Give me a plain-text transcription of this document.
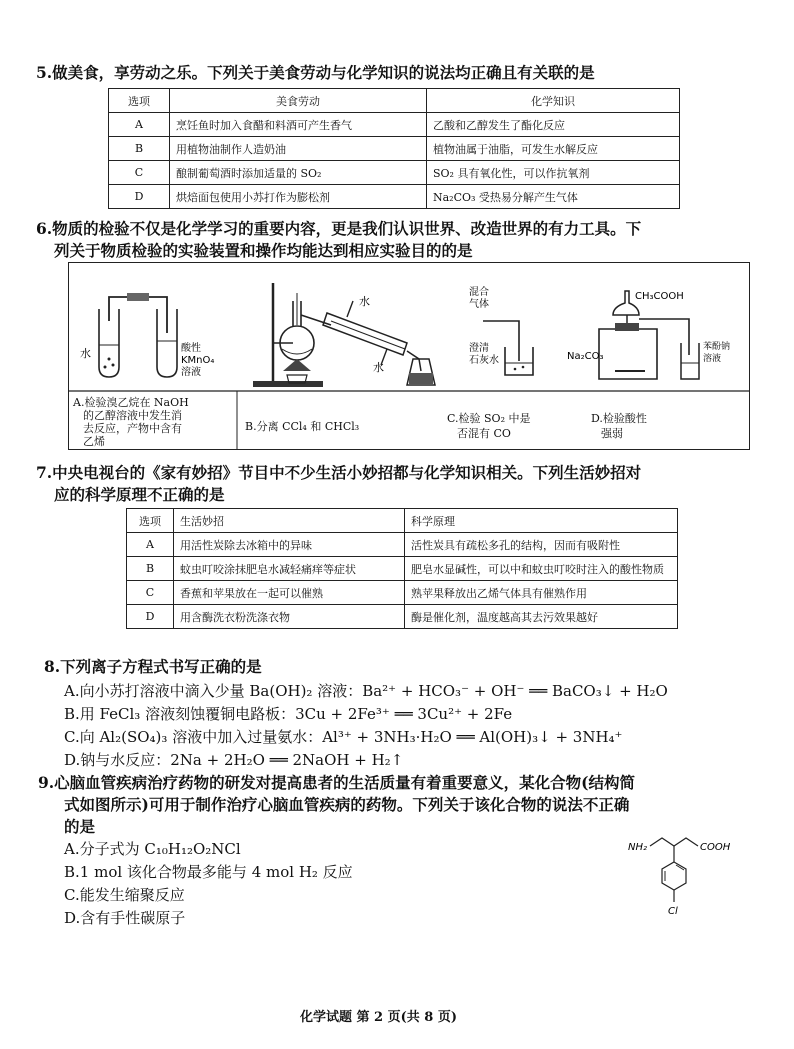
5.做美食，享劳动之乐。下列关于美食劳动与化学知识的说法均正确且有关联的是
选项	美食劳动	化学知识
A	烹饪鱼时加入食醋和料酒可产生香气	乙酸和乙醇发生了酯化反应
B	用植物油制作人造奶油	植物油属于油脂，可发生水解反应
C	酿制葡萄酒时添加适量的 SO₂	SO₂ 具有氧化性，可以作抗氧剂
D	烘焙面包使用小苏打作为膨松剂	Na₂CO₃ 受热易分解产生气体
6.物质的检验不仅是化学学习的重要内容，更是我们认识世界、改造世界的有力工具。下
列关于物质检验的实验装置和操作均能达到相应实验目的的是
水	酸性
KMnO₄
溶液
水
水
混合
气体
澄清
石灰水
CH₃COOH
Na₂CO₃
苯酚钠
溶液
A.检验溴乙烷在 NaOH
的乙醇溶液中发生消
去反应，产物中含有
乙烯
B.分离 CCl₄ 和 CHCl₃
C.检验 SO₂ 中是
否混有 CO
D.检验酸性
强弱
7.中央电视台的《家有妙招》节目中不少生活小妙招都与化学知识相关。下列生活妙招对
应的科学原理不正确的是
选项	生活妙招	科学原理
A	用活性炭除去冰箱中的异味	活性炭具有疏松多孔的结构，因而有吸附性
B	蚊虫叮咬涂抹肥皂水减轻痛痒等症状	肥皂水显碱性，可以中和蚊虫叮咬时注入的酸性物质
C	香蕉和苹果放在一起可以催熟	熟苹果释放出乙烯气体具有催熟作用
D	用含酶洗衣粉洗涤衣物	酶是催化剂，温度越高其去污效果越好
8.下列离子方程式书写正确的是
A.向小苏打溶液中滴入少量 Ba(OH)₂ 溶液：Ba²⁺ + HCO₃⁻ + OH⁻ ══ BaCO₃↓ + H₂O
B.用 FeCl₃ 溶液刻蚀覆铜电路板：3Cu + 2Fe³⁺ ══ 3Cu²⁺ + 2Fe
C.向 Al₂(SO₄)₃ 溶液中加入过量氨水：Al³⁺ + 3NH₃·H₂O ══ Al(OH)₃↓ + 3NH₄⁺
D.钠与水反应：2Na + 2H₂O ══ 2NaOH + H₂↑
9.心脑血管疾病治疗药物的研发对提高患者的生活质量有着重要意义，某化合物(结构简
式如图所示)可用于制作治疗心脑血管疾病的药物。下列关于该化合物的说法不正确
的是
A.分子式为 C₁₀H₁₂O₂NCl
B.1 mol 该化合物最多能与 4 mol H₂ 反应
C.能发生缩聚反应
D.含有手性碳原子
NH₂	COOH
Cl
化学试题 第 2 页(共 8 页)
